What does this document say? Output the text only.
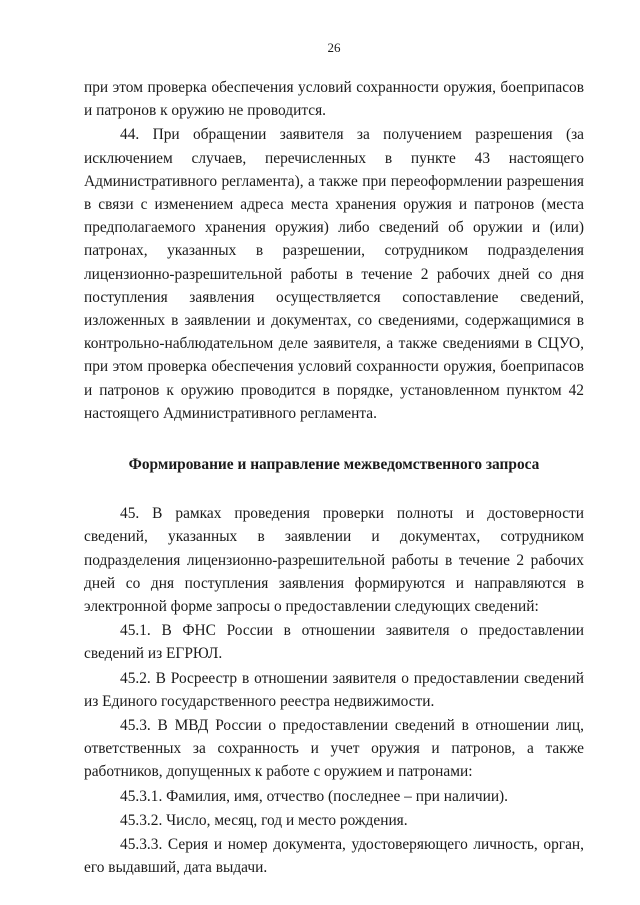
26

при этом проверка обеспечения условий сохранности оружия, боеприпасов и патронов к оружию не проводится.

44. При обращении заявителя за получением разрешения (за исключением случаев, перечисленных в пункте 43 настоящего Административного регламента), а также при переоформлении разрешения в связи с изменением адреса места хранения оружия и патронов (места предполагаемого хранения оружия) либо сведений об оружии и (или) патронах, указанных в разрешении, сотрудником подразделения лицензионно-разрешительной работы в течение 2 рабочих дней со дня поступления заявления осуществляется сопоставление сведений, изложенных в заявлении и документах, со сведениями, содержащимися в контрольно-наблюдательном деле заявителя, а также сведениями в СЦУО, при этом проверка обеспечения условий сохранности оружия, боеприпасов и патронов к оружию проводится в порядке, установленном пунктом 42 настоящего Административного регламента.

Формирование и направление межведомственного запроса

45. В рамках проведения проверки полноты и достоверности сведений, указанных в заявлении и документах, сотрудником подразделения лицензионно-разрешительной работы в течение 2 рабочих дней со дня поступления заявления формируются и направляются в электронной форме запросы о предоставлении следующих сведений:

45.1. В ФНС России в отношении заявителя о предоставлении сведений из ЕГРЮЛ.

45.2. В Росреестр в отношении заявителя о предоставлении сведений из Единого государственного реестра недвижимости.

45.3. В МВД России о предоставлении сведений в отношении лиц, ответственных за сохранность и учет оружия и патронов, а также работников, допущенных к работе с оружием и патронами:

45.3.1. Фамилия, имя, отчество (последнее – при наличии).

45.3.2. Число, месяц, год и место рождения.

45.3.3. Серия и номер документа, удостоверяющего личность, орган, его выдавший, дата выдачи.
